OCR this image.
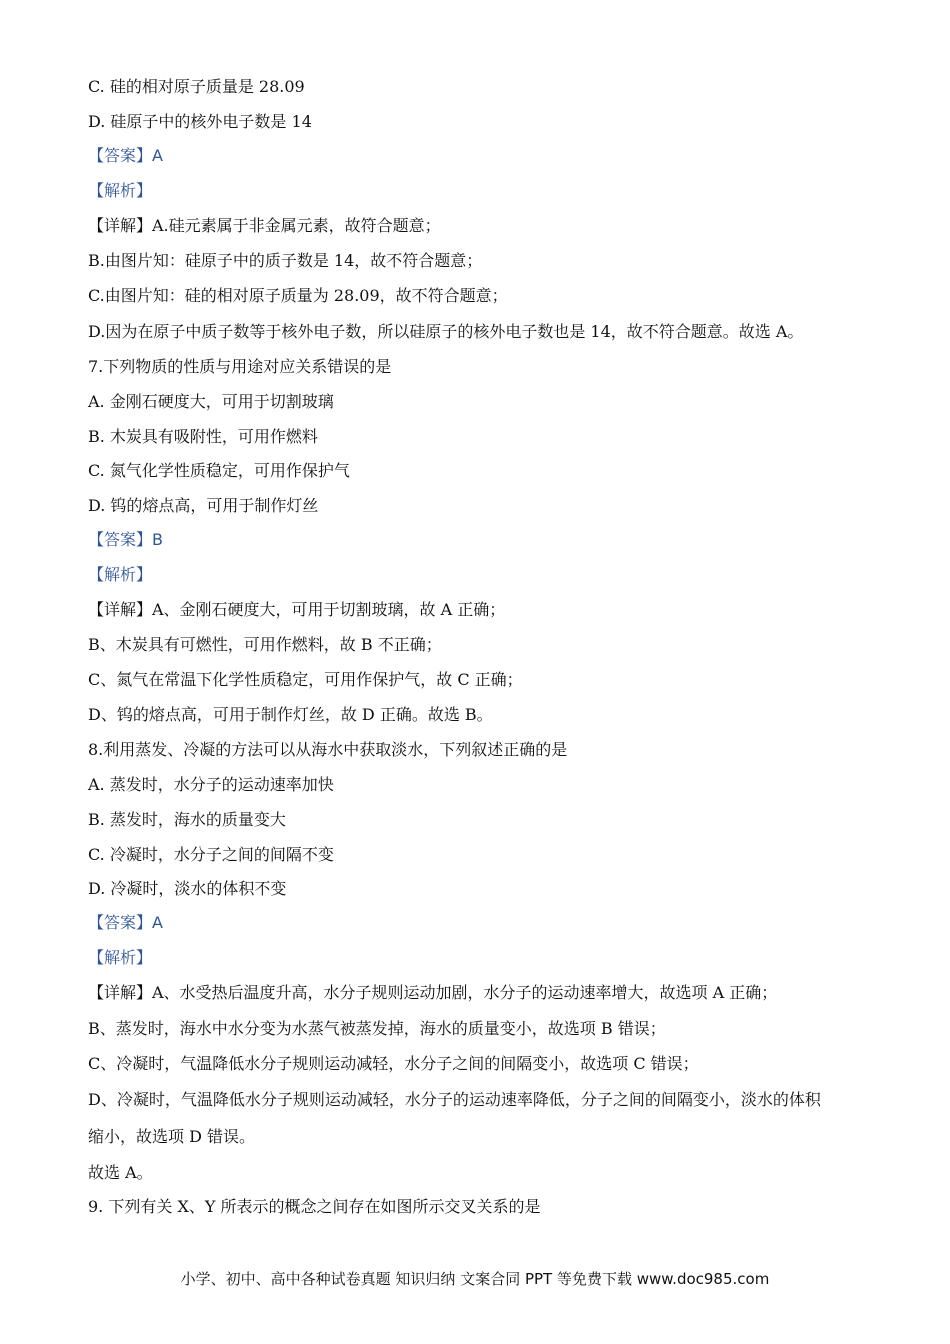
C. 硅的相对原子质量是 28.09
D. 硅原子中的核外电子数是 14
【答案】A
【解析】
【详解】A.硅元素属于非金属元素，故符合题意；
B.由图片知：硅原子中的质子数是 14，故不符合题意；
C.由图片知：硅的相对原子质量为 28.09，故不符合题意；
D.因为在原子中质子数等于核外电子数，所以硅原子的核外电子数也是 14，故不符合题意。故选 A。
7.下列物质的性质与用途对应关系错误的是
A. 金刚石硬度大，可用于切割玻璃
B. 木炭具有吸附性，可用作燃料
C. 氮气化学性质稳定，可用作保护气
D. 钨的熔点高，可用于制作灯丝
【答案】B
【解析】
【详解】A、金刚石硬度大，可用于切割玻璃，故 A 正确；
B、木炭具有可燃性，可用作燃料，故 B 不正确；
C、氮气在常温下化学性质稳定，可用作保护气，故 C 正确；
D、钨的熔点高，可用于制作灯丝，故 D 正确。故选 B。
8.利用蒸发、冷凝的方法可以从海水中获取淡水，下列叙述正确的是
A. 蒸发时，水分子的运动速率加快
B. 蒸发时，海水的质量变大
C. 冷凝时，水分子之间的间隔不变
D. 冷凝时，淡水的体积不变
【答案】A
【解析】
【详解】A、水受热后温度升高，水分子规则运动加剧，水分子的运动速率增大，故选项 A 正确；
B、蒸发时，海水中水分变为水蒸气被蒸发掉，海水的质量变小，故选项 B 错误；
C、冷凝时，气温降低水分子规则运动减轻，水分子之间的间隔变小，故选项 C 错误；
D、冷凝时，气温降低水分子规则运动减轻，水分子的运动速率降低，分子之间的间隔变小，淡水的体积
缩小，故选项 D 错误。
故选 A。
9. 下列有关 X、Y 所表示的概念之间存在如图所示交叉关系的是
小学、初中、高中各种试卷真题 知识归纳 文案合同 PPT 等免费下载 www.doc985.com
